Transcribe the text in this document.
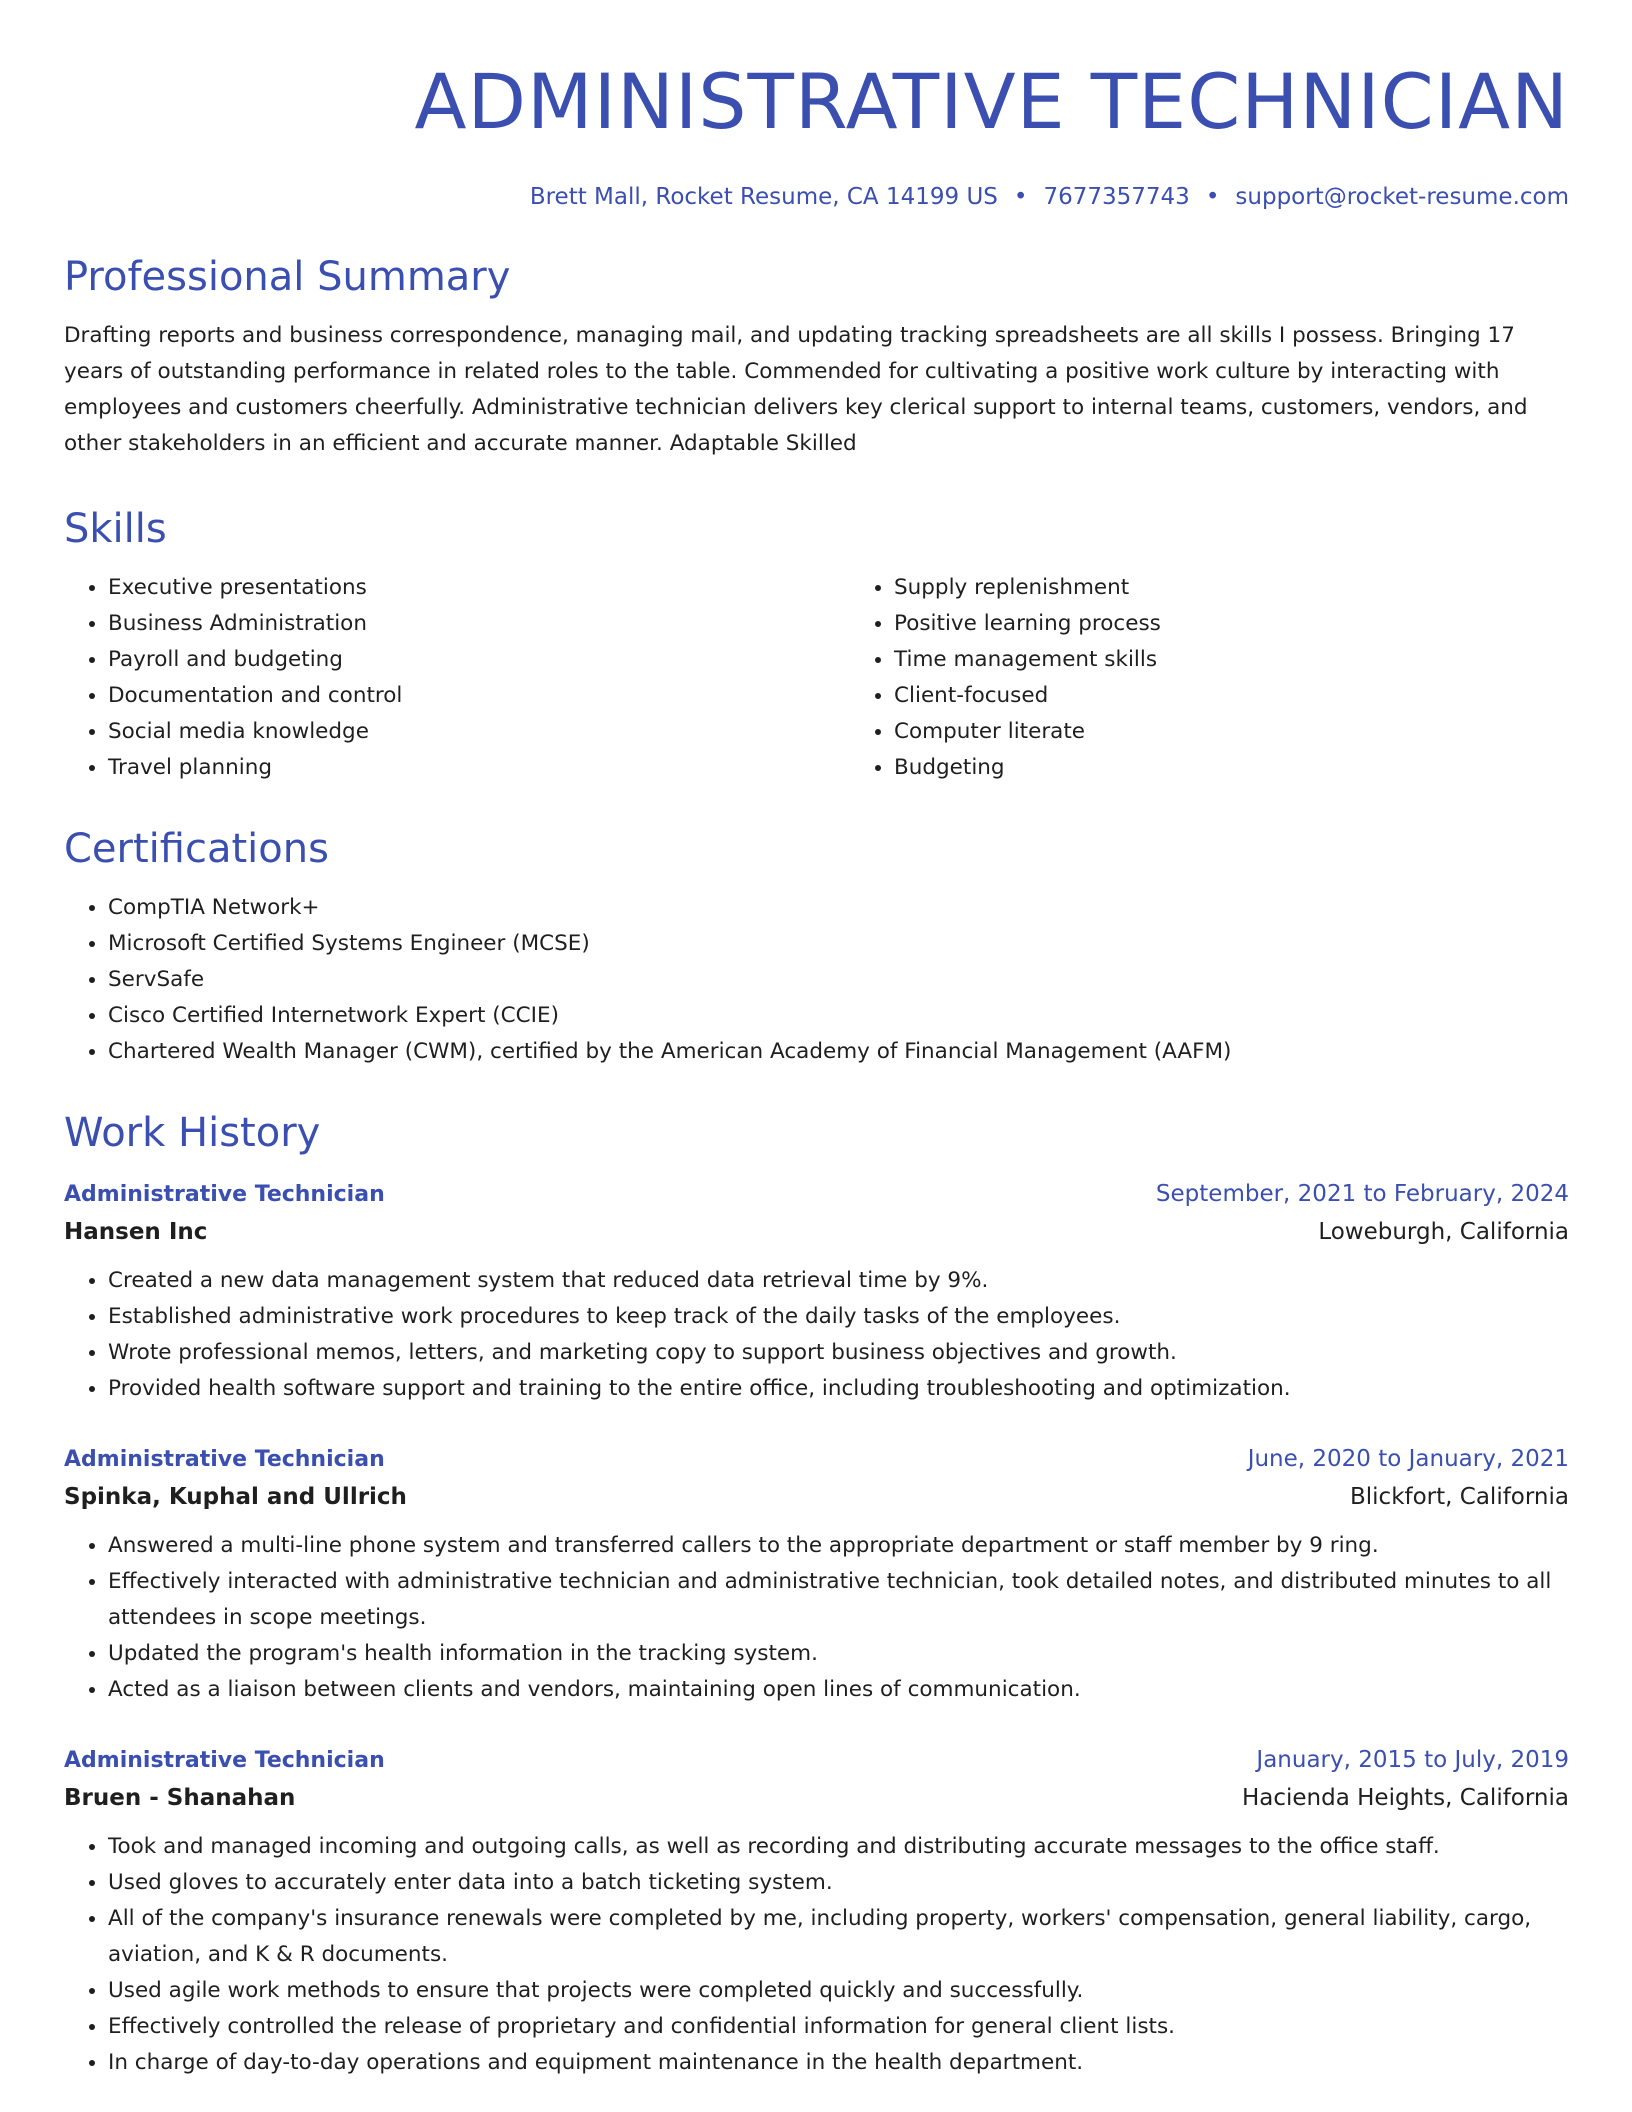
ADMINISTRATIVE TECHNICIAN
Brett Mall, Rocket Resume, CA 14199 US • 7677357743 • support@rocket-resume.com
Professional Summary

Drafting reports and business correspondence, managing mail, and updating tracking spreadsheets are all skills I possess. Bringing 17 years of outstanding performance in related roles to the table. Commended for cultivating a positive work culture by interacting with employees and customers cheerfully. Administrative technician delivers key clerical support to internal teams, customers, vendors, and other stakeholders in an efficient and accurate manner. Adaptable Skilled

Skills
• Executive presentations
• Business Administration
• Payroll and budgeting
• Documentation and control
• Social media knowledge
• Travel planning
• Supply replenishment
• Positive learning process
• Time management skills
• Client-focused
• Computer literate
• Budgeting
Certifications
• CompTIA Network+
• Microsoft Certified Systems Engineer (MCSE)
• ServSafe
• Cisco Certified Internetwork Expert (CCIE)
• Chartered Wealth Manager (CWM), certified by the American Academy of Financial Management (AAFM)
Work History
Administrative Technician	September, 2021 to February, 2024
Hansen Inc	Loweburgh, California
• Created a new data management system that reduced data retrieval time by 9%.
• Established administrative work procedures to keep track of the daily tasks of the employees.
• Wrote professional memos, letters, and marketing copy to support business objectives and growth.
• Provided health software support and training to the entire office, including troubleshooting and optimization.
Administrative Technician	June, 2020 to January, 2021
Spinka, Kuphal and Ullrich	Blickfort, California
• Answered a multi-line phone system and transferred callers to the appropriate department or staff member by 9 ring.
• Effectively interacted with administrative technician and administrative technician, took detailed notes, and distributed minutes to all attendees in scope meetings.
• Updated the program's health information in the tracking system.
• Acted as a liaison between clients and vendors, maintaining open lines of communication.
Administrative Technician	January, 2015 to July, 2019
Bruen - Shanahan	Hacienda Heights, California
• Took and managed incoming and outgoing calls, as well as recording and distributing accurate messages to the office staff.
• Used gloves to accurately enter data into a batch ticketing system.
• All of the company's insurance renewals were completed by me, including property, workers' compensation, general liability, cargo, aviation, and K & R documents.
• Used agile work methods to ensure that projects were completed quickly and successfully.
• Effectively controlled the release of proprietary and confidential information for general client lists.
• In charge of day-to-day operations and equipment maintenance in the health department.
